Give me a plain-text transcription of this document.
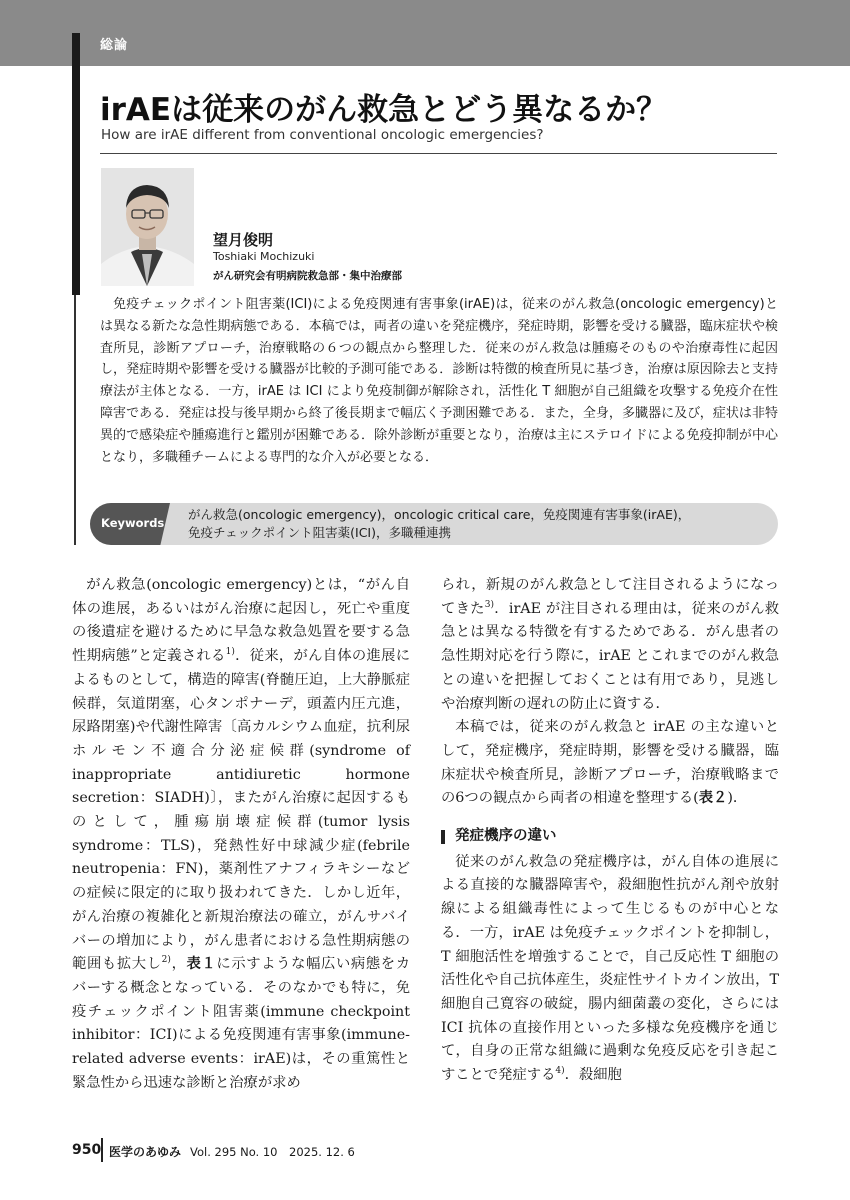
総論
irAEは従来のがん救急とどう異なるか？
How are irAE different from conventional oncologic emergencies?
望月俊明
Toshiaki Mochizuki
がん研究会有明病院救急部・集中治療部

免疫チェックポイント阻害薬(ICI)による免疫関連有害事象(irAE)は，従来のがん救急(oncologic emergency)とは異なる新たな急性期病態である．本稿では，両者の違いを発症機序，発症時期，影響を受ける臓器，臨床症状や検査所見，診断アプローチ，治療戦略の６つの観点から整理した．従来のがん救急は腫瘍そのものや治療毒性に起因し，発症時期や影響を受ける臓器が比較的予測可能である．診断は特徴的検査所見に基づき，治療は原因除去と支持療法が主体となる．一方，irAE は ICI により免疫制御が解除され，活性化 T 細胞が自己組織を攻撃する免疫介在性障害である．発症は投与後早期から終了後長期まで幅広く予測困難である．また，全身，多臓器に及び，症状は非特異的で感染症や腫瘍進行と鑑別が困難である．除外診断が重要となり，治療は主にステロイドによる免疫抑制が中心となり，多職種チームによる専門的な介入が必要となる．

Keywords
がん救急(oncologic emergency)，oncologic critical care，免疫関連有害事象(irAE)，
免疫チェックポイント阻害薬(ICI)，多職種連携

がん救急(oncologic emergency)とは，“がん自体の進展，あるいはがん治療に起因し，死亡や重度の後遺症を避けるために早急な救急処置を要する急性期病態”と定義される$^{1)}$．従来，がん自体の進展によるものとして，構造的障害(脊髄圧迫，上大静脈症候群，気道閉塞，心タンポナーデ，頭蓋内圧亢進，尿路閉塞)や代謝性障害〔高カルシウム血症，抗利尿ホルモン不適合分泌症候群(syndrome of inappropriate antidiuretic hormone secretion：SIADH)〕，またがん治療に起因するものとして，腫瘍崩壊症候群(tumor lysis syndrome：TLS)，発熱性好中球減少症(febrile neutropenia：FN)，薬剤性アナフィラキシーなどの症候に限定的に取り扱われてきた．しかし近年，がん治療の複雑化と新規治療法の確立，がんサバイバーの増加により，がん患者における急性期病態の範囲も拡大し$^{2)}$，表１に示すような幅広い病態をカバーする概念となっている．そのなかでも特に，免疫チェックポイント阻害薬(immune checkpoint inhibitor：ICI)による免疫関連有害事象(immune-related adverse events：irAE)は，その重篤性と緊急性から迅速な診断と治療が求め

られ，新規のがん救急として注目されるようになってきた$^{3)}$．irAE が注目される理由は，従来のがん救急とは異なる特徴を有するためである．がん患者の急性期対応を行う際に，irAE とこれまでのがん救急との違いを把握しておくことは有用であり，見逃しや治療判断の遅れの防止に資する．

本稿では，従来のがん救急と irAE の主な違いとして，発症機序，発症時期，影響を受ける臓器，臨床症状や検査所見，診断アプローチ，治療戦略までの6つの観点から両者の相違を整理する(表２)．

発症機序の違い

従来のがん救急の発症機序は，がん自体の進展による直接的な臓器障害や，殺細胞性抗がん剤や放射線による組織毒性によって生じるものが中心となる．一方，irAE は免疫チェックポイントを抑制し，T 細胞活性を増強することで，自己反応性 T 細胞の活性化や自己抗体産生，炎症性サイトカイン放出，T 細胞自己寛容の破綻，腸内細菌叢の変化，さらには ICI 抗体の直接作用といった多様な免疫機序を通じて，自身の正常な組織に過剰な免疫反応を引き起こすことで発症する$^{4)}$．殺細胞

950 医学のあゆみ Vol. 295 No. 10　2025. 12. 6
